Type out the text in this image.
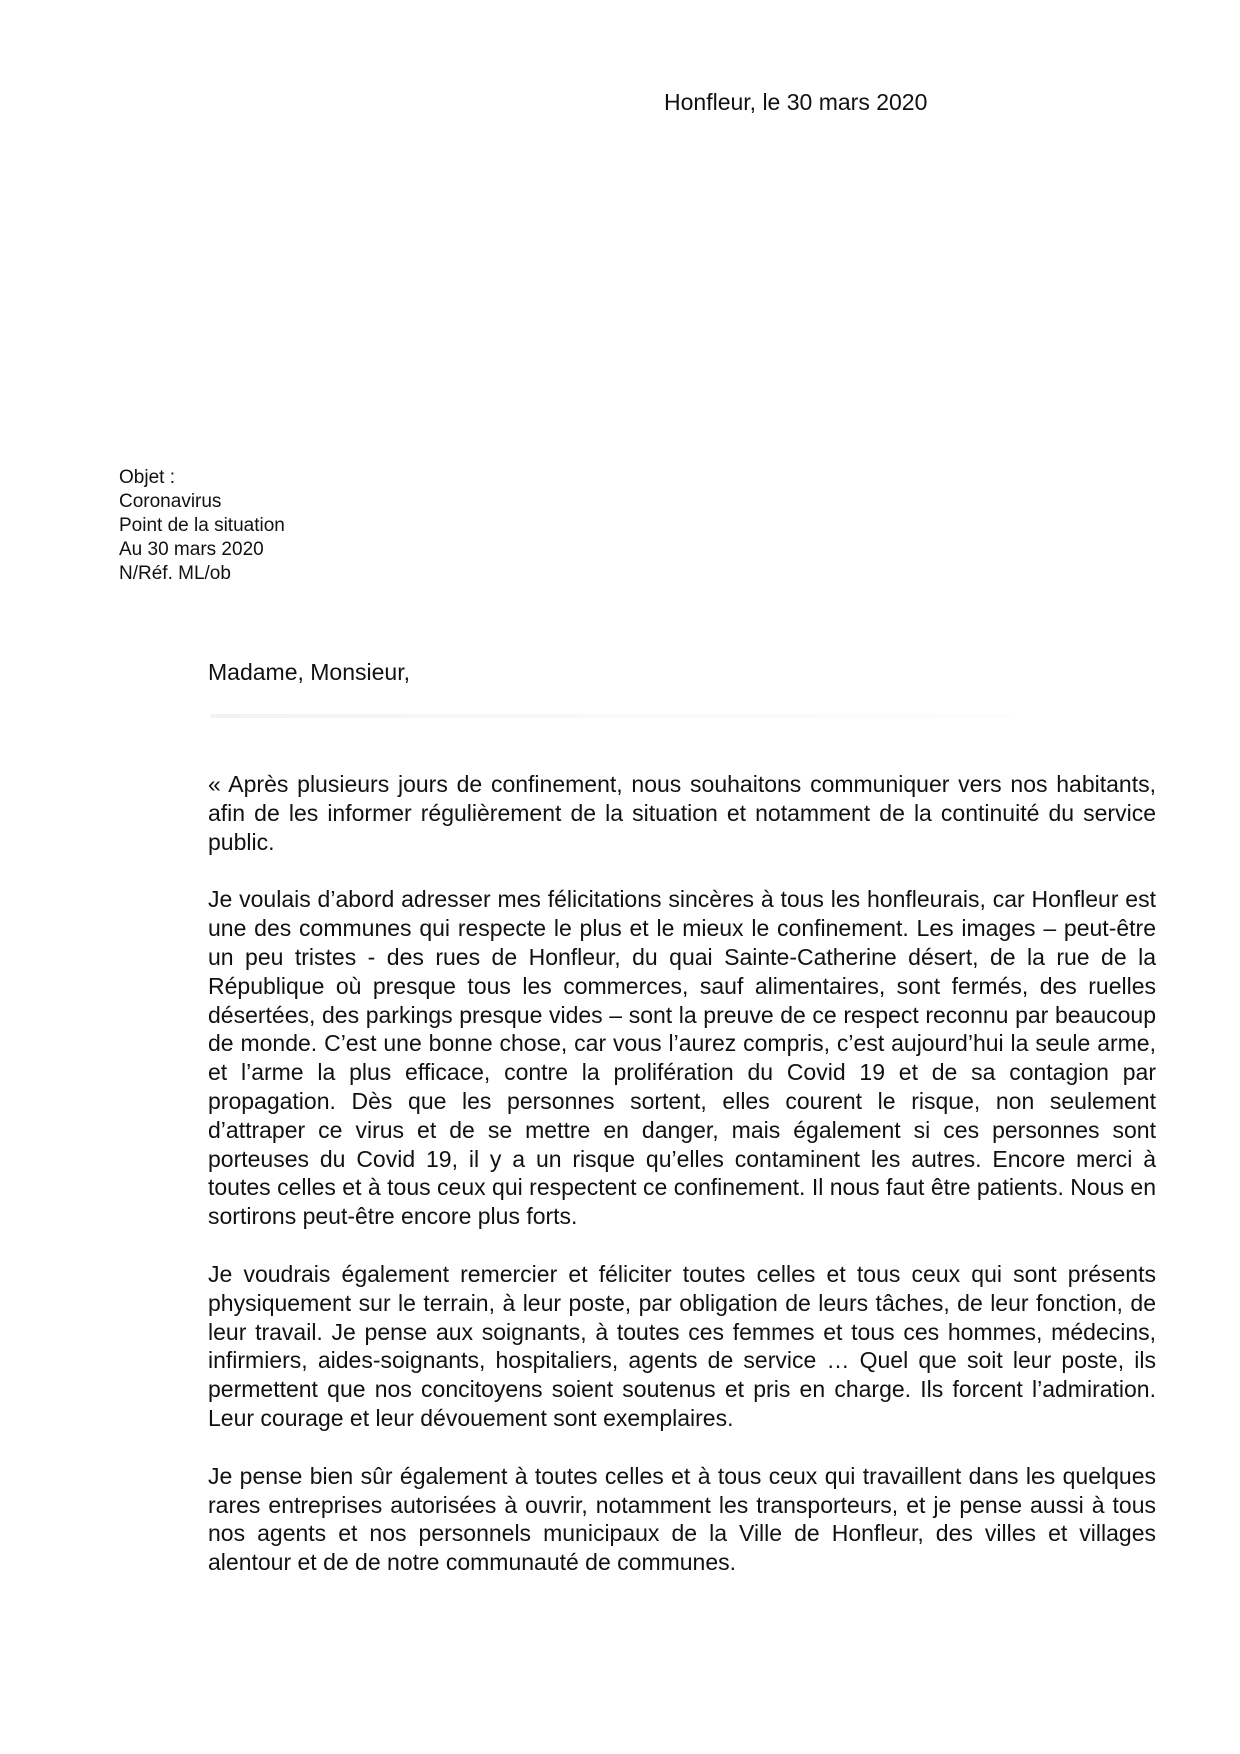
Honfleur, le 30 mars 2020
Objet :
Coronavirus
Point de la situation
Au 30 mars 2020
N/Réf. ML/ob
Madame, Monsieur,

« Après plusieurs jours de confinement, nous souhaitons communiquer vers nos habitants, afin de les informer régulièrement de la situation et notamment de la continuité du service public.

Je voulais d’abord adresser mes félicitations sincères à tous les honfleurais, car Honfleur est une des communes qui respecte le plus et le mieux le confinement. Les images – peut-être un peu tristes - des rues de Honfleur, du quai Sainte-Catherine désert, de la rue de la République où presque tous les commerces, sauf alimentaires, sont fermés, des ruelles désertées, des parkings presque vides – sont la preuve de ce respect reconnu par beaucoup de monde. C’est une bonne chose, car vous l’aurez compris, c’est aujourd’hui la seule arme, et l’arme la plus efficace, contre la prolifération du Covid 19 et de sa contagion par propagation. Dès que les personnes sortent, elles courent le risque, non seulement d’attraper ce virus et de se mettre en danger, mais également si ces personnes sont porteuses du Covid 19, il y a un risque qu’elles contaminent les autres. Encore merci à toutes celles et à tous ceux qui respectent ce confinement. Il nous faut être patients. Nous en sortirons peut-être encore plus forts.

Je voudrais également remercier et féliciter toutes celles et tous ceux qui sont présents physiquement sur le terrain, à leur poste, par obligation de leurs tâches, de leur fonction, de leur travail. Je pense aux soignants, à toutes ces femmes et tous ces hommes, médecins, infirmiers, aides-soignants, hospitaliers, agents de service … Quel que soit leur poste, ils permettent que nos concitoyens soient soutenus et pris en charge. Ils forcent l’admiration. Leur courage et leur dévouement sont exemplaires.

Je pense bien sûr également à toutes celles et à tous ceux qui travaillent dans les quelques rares entreprises autorisées à ouvrir, notamment les transporteurs, et je pense aussi à tous nos agents et nos personnels municipaux de la Ville de Honfleur, des villes et villages alentour et de de notre communauté de communes.
